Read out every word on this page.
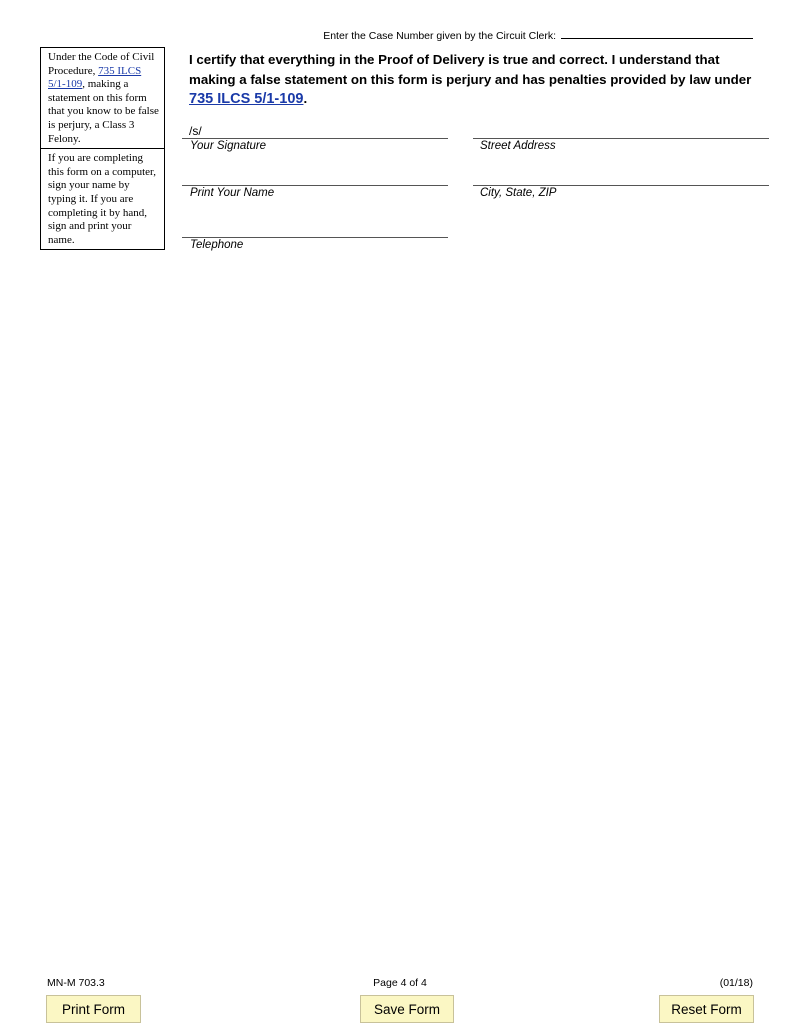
Enter the Case Number given by the Circuit Clerk:
Under the Code of Civil Procedure, 735 ILCS 5/1-109, making a statement on this form that you know to be false is perjury, a Class 3 Felony.
If you are completing this form on a computer, sign your name by typing it. If you are completing it by hand, sign and print your name.
I certify that everything in the Proof of Delivery is true and correct. I understand that making a false statement on this form is perjury and has penalties provided by law under
735 ILCS 5/1-109.
/s/
Your Signature	Street Address
Print Your Name	City, State, ZIP
Telephone
MN-M 703.3	Page 4 of 4	(01/18)
Print Form	Save Form	Reset Form
